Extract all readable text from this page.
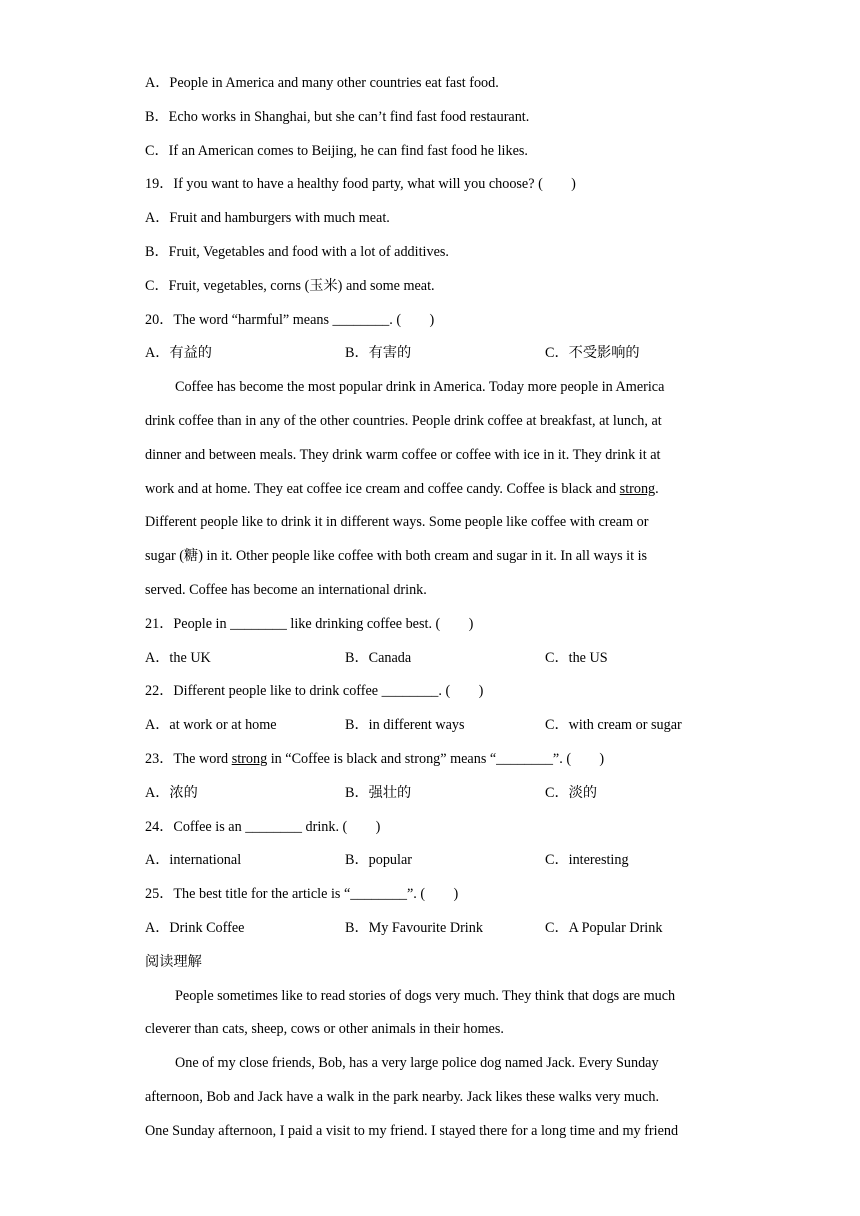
A．People in America and many other countries eat fast food.
B．Echo works in Shanghai, but she can’t find fast food restaurant.
C．If an American comes to Beijing, he can find fast food he likes.
19．If you want to have a healthy food party, what will you choose? (　　)
A．Fruit and hamburgers with much meat.
B．Fruit, Vegetables and food with a lot of additives.
C．Fruit, vegetables, corns (玉米) and some meat.
20．The word “harmful” means ________. (　　)
A．有益的	B．有害的	C．不受影响的
Coffee has become the most popular drink in America. Today more people in America
drink coffee than in any of the other countries. People drink coffee at breakfast, at lunch, at
dinner and between meals. They drink warm coffee or coffee with ice in it. They drink it at
work and at home. They eat coffee ice cream and coffee candy. Coffee is black and strong.
Different people like to drink it in different ways. Some people like coffee with cream or
sugar (糖) in it. Other people like coffee with both cream and sugar in it. In all ways it is
served. Coffee has become an international drink.
21．People in ________ like drinking coffee best. (　　)
A．the UK	B．Canada	C．the US
22．Different people like to drink coffee ________. (　　)
A．at work or at home	B．in different ways	C．with cream or sugar
23．The word strong in “Coffee is black and strong” means “________”. (　　)
A．浓的	B．强壮的	C．淡的
24．Coffee is an ________ drink. (　　)
A．international	B．popular	C．interesting
25．The best title for the article is “________”. (　　)
A．Drink Coffee	B．My Favourite Drink	C．A Popular Drink
阅读理解
People sometimes like to read stories of dogs very much. They think that dogs are much
cleverer than cats, sheep, cows or other animals in their homes.
One of my close friends, Bob, has a very large police dog named Jack. Every Sunday
afternoon, Bob and Jack have a walk in the park nearby. Jack likes these walks very much.
One Sunday afternoon, I paid a visit to my friend. I stayed there for a long time and my friend
